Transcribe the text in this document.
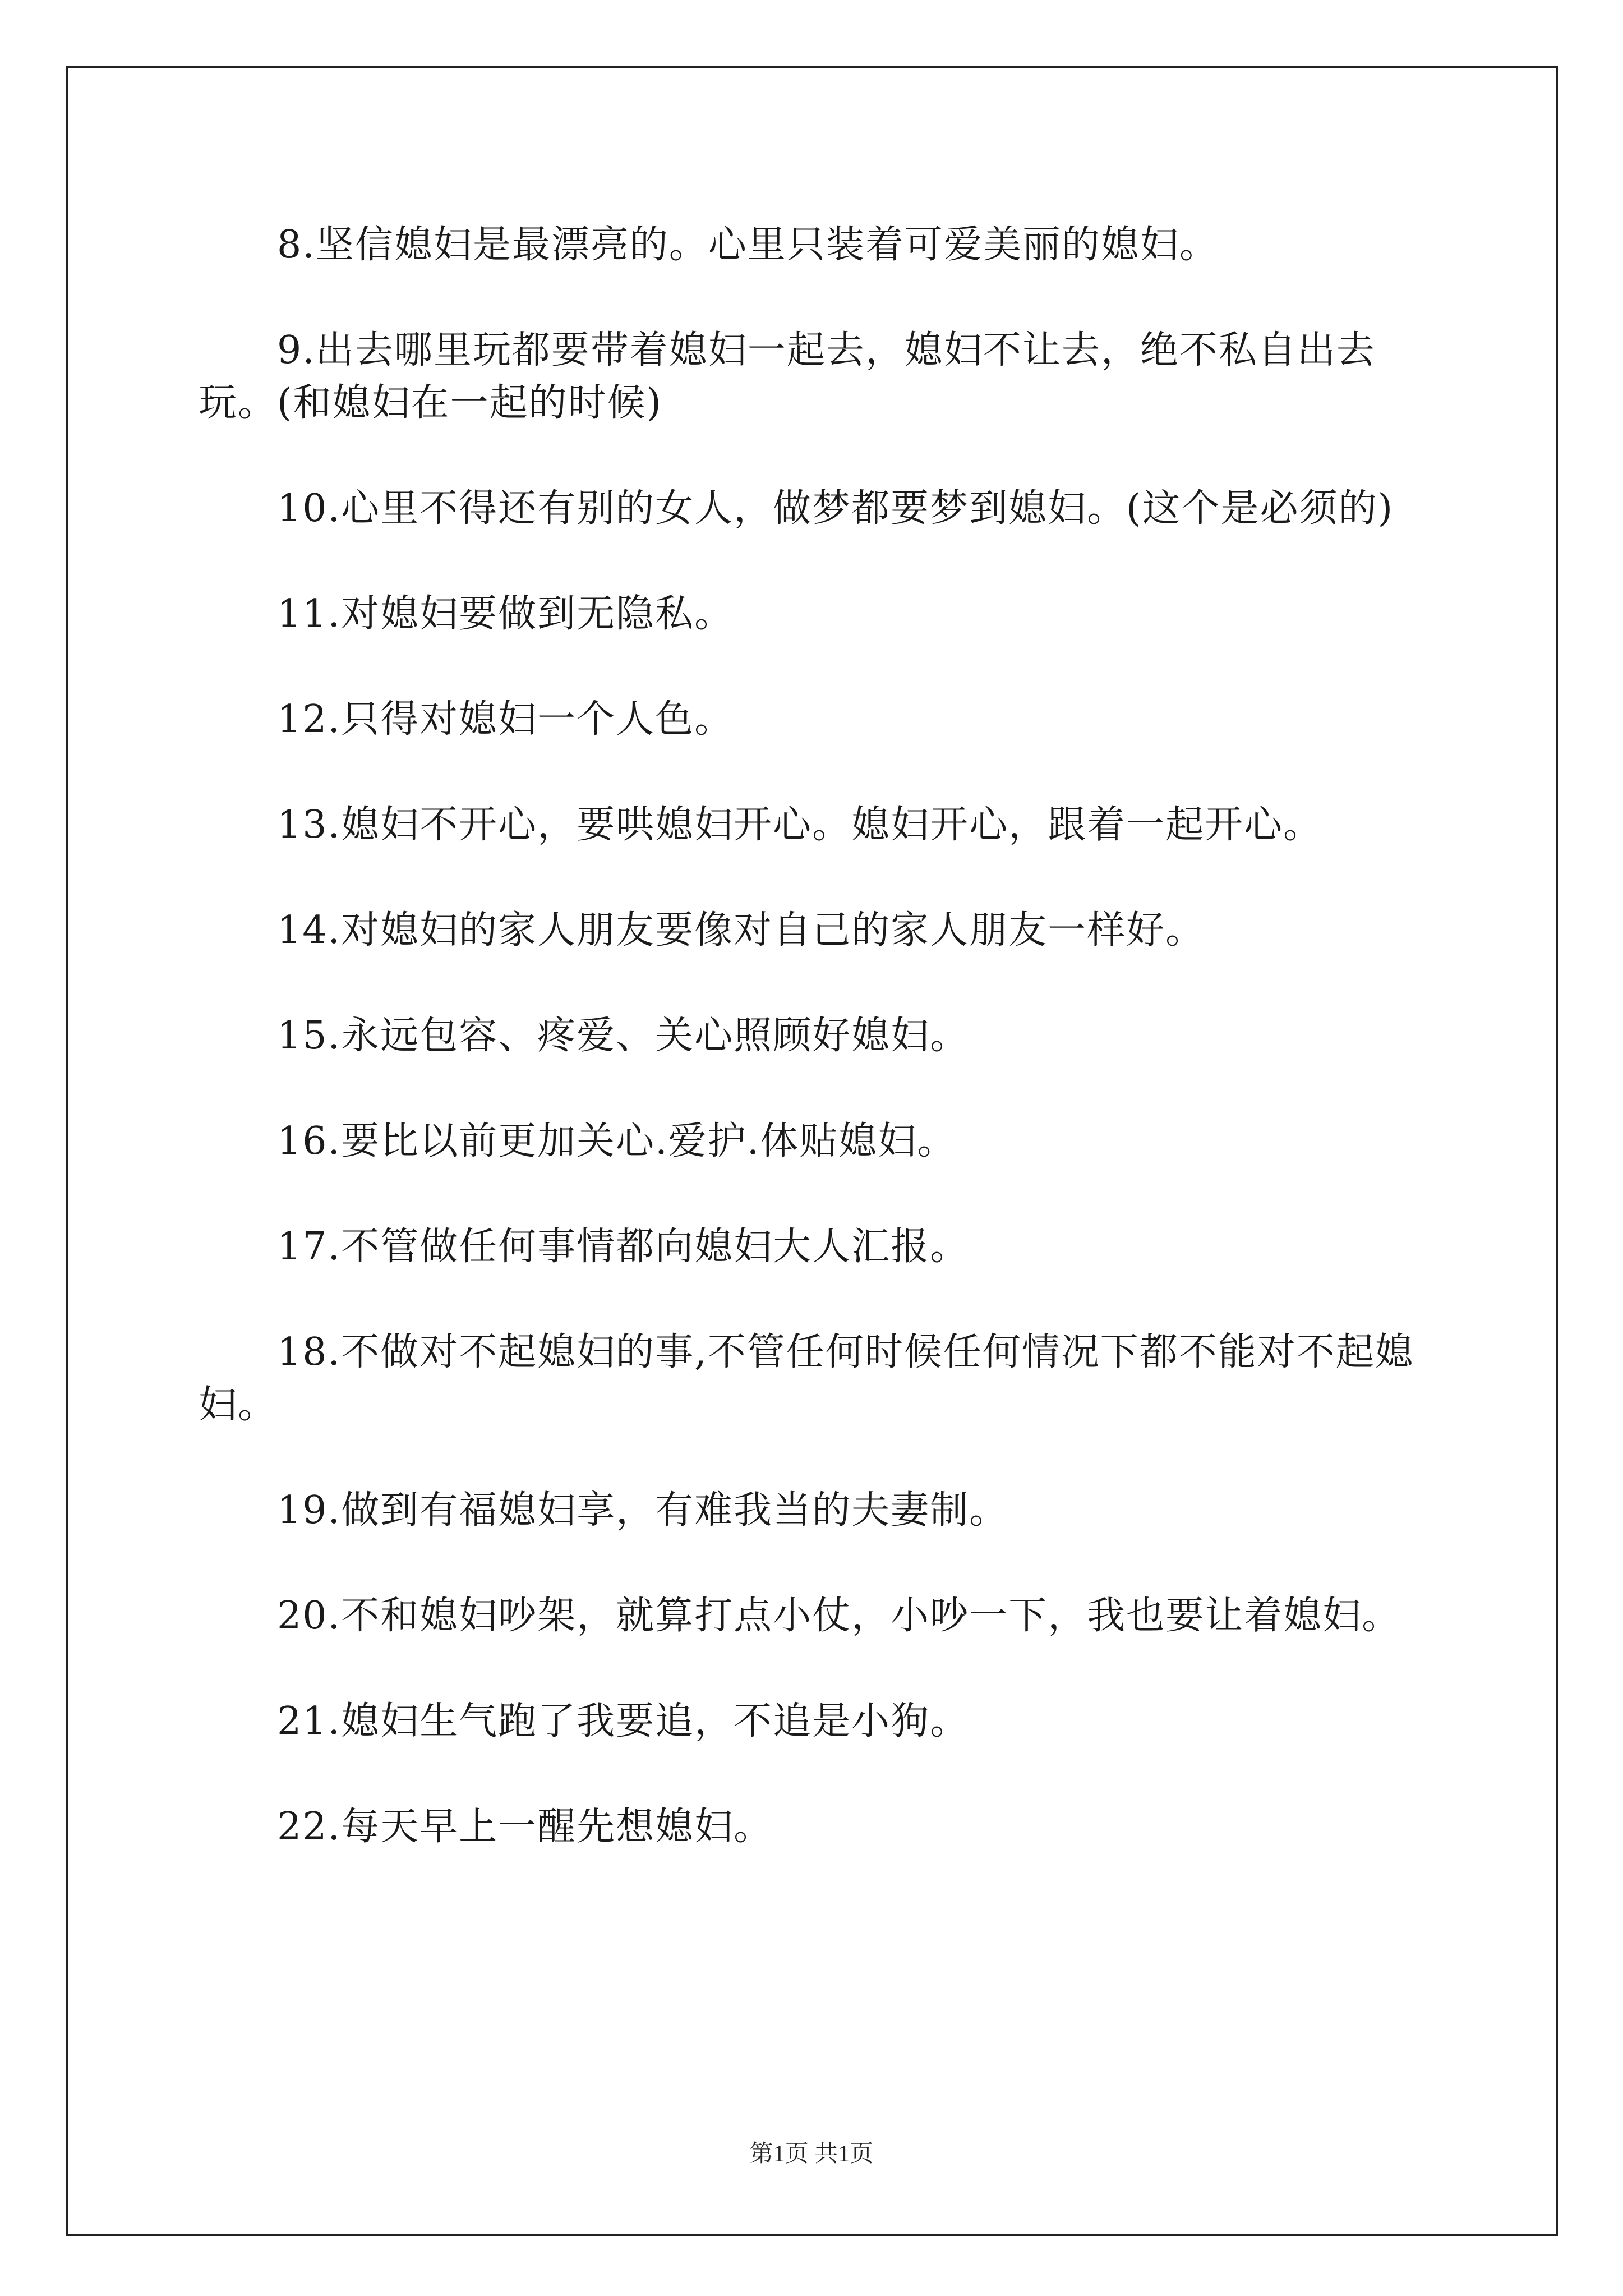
8.坚信媳妇是最漂亮的。心里只装着可爱美丽的媳妇。

9.出去哪里玩都要带着媳妇一起去，媳妇不让去，绝不私自出去玩。(和媳妇在一起的时候)

10.心里不得还有别的女人，做梦都要梦到媳妇。(这个是必须的)

11.对媳妇要做到无隐私。

12.只得对媳妇一个人色。

13.媳妇不开心，要哄媳妇开心。媳妇开心，跟着一起开心。

14.对媳妇的家人朋友要像对自己的家人朋友一样好。

15.永远包容、疼爱、关心照顾好媳妇。

16.要比以前更加关心.爱护.体贴媳妇。

17.不管做任何事情都向媳妇大人汇报。

18.不做对不起媳妇的事,不管任何时候任何情况下都不能对不起媳妇。

19.做到有福媳妇享，有难我当的夫妻制。

20.不和媳妇吵架，就算打点小仗，小吵一下，我也要让着媳妇。

21.媳妇生气跑了我要追，不追是小狗。

22.每天早上一醒先想媳妇。

第1页 共1页
